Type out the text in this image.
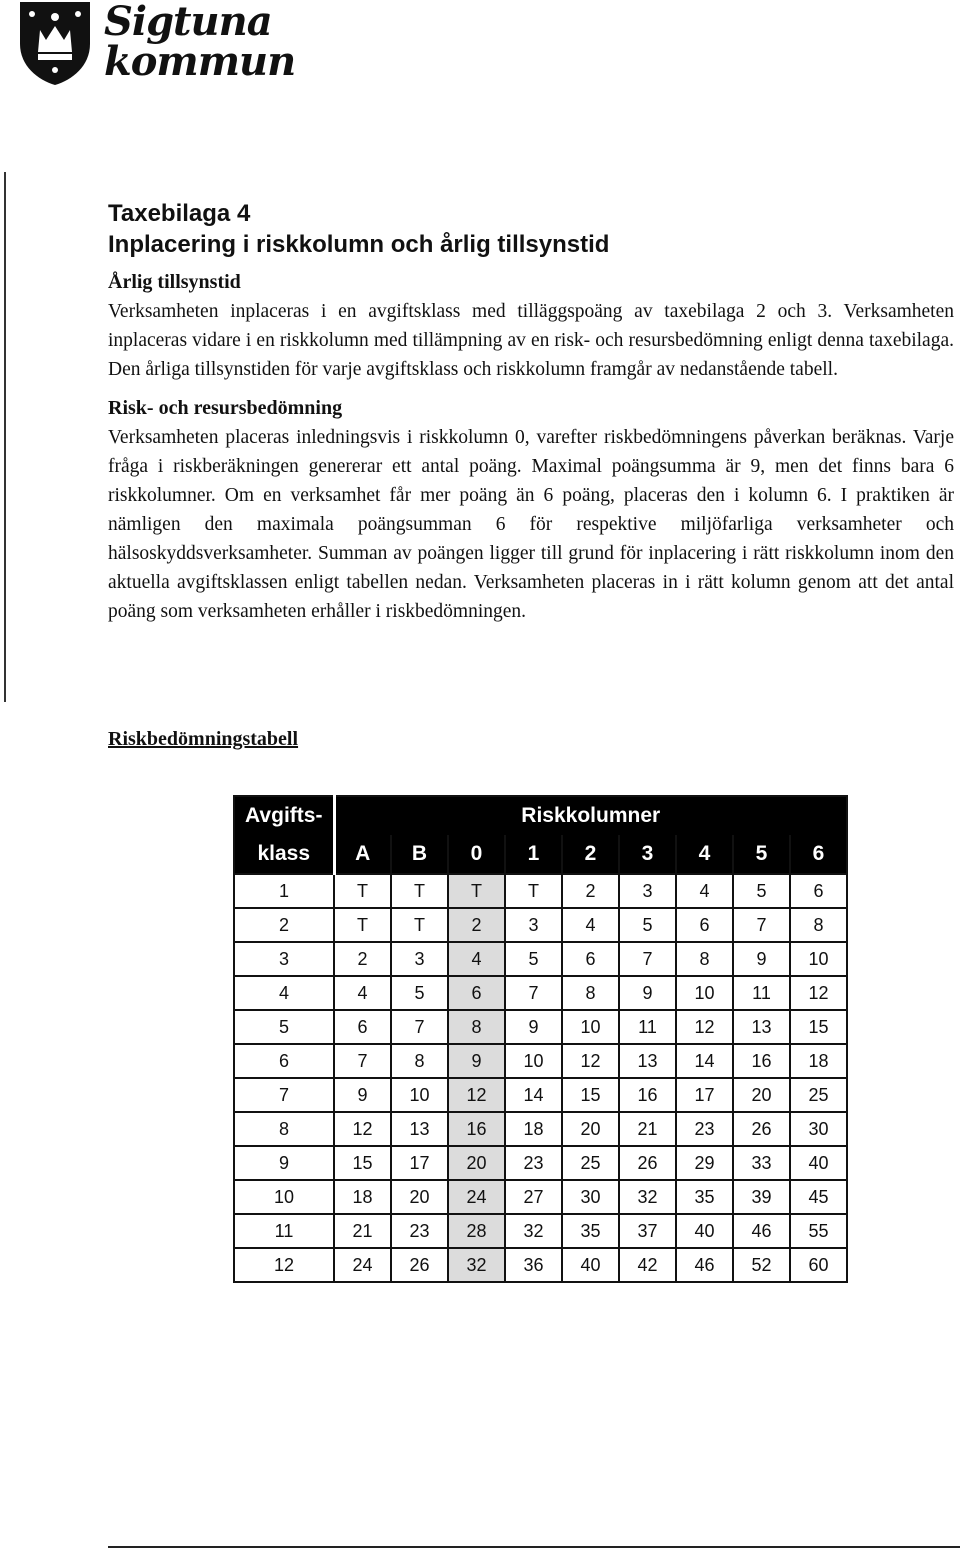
Sigtuna
kommun
Taxebilaga 4
Inplacering i riskkolumn och årlig tillsynstid
Årlig tillsynstid

Verksamheten inplaceras i en avgiftsklass med tilläggspoäng av taxebilaga 2 och 3. Verksamheten inplaceras vidare i en riskkolumn med tillämpning av en risk- och resursbedömning enligt denna taxebilaga. Den årliga tillsynstiden för varje avgiftsklass och riskkolumn framgår av nedanstående tabell.

Risk- och resursbedömning

Verksamheten placeras inledningsvis i riskkolumn 0, varefter riskbedömningens påverkan beräknas. Varje fråga i riskberäkningen genererar ett antal poäng. Maximal poängsumma är 9, men det finns bara 6 riskkolumner. Om en verksamhet får mer poäng än 6 poäng, placeras den i kolumn 6. I praktiken är nämligen den maximala poängsumman 6 för respektive miljöfarliga verksamheter och hälsoskyddsverksamheter. Summan av poängen ligger till grund för inplacering i rätt riskkolumn inom den aktuella avgiftsklassen enligt tabellen nedan. Verksamheten placeras in i rätt kolumn genom att det antal poäng som verksamheten erhåller i riskbedömningen.

Riskbedömningstabell
Avgifts-	Riskkolumner								
klass	A	B	0	1	2	3	4	5	6
1	T	T	T	T	2	3	4	5	6
2	T	T	2	3	4	5	6	7	8
3	2	3	4	5	6	7	8	9	10
4	4	5	6	7	8	9	10	11	12
5	6	7	8	9	10	11	12	13	15
6	7	8	9	10	12	13	14	16	18
7	9	10	12	14	15	16	17	20	25
8	12	13	16	18	20	21	23	26	30
9	15	17	20	23	25	26	29	33	40
10	18	20	24	27	30	32	35	39	45
11	21	23	28	32	35	37	40	46	55
12	24	26	32	36	40	42	46	52	60
